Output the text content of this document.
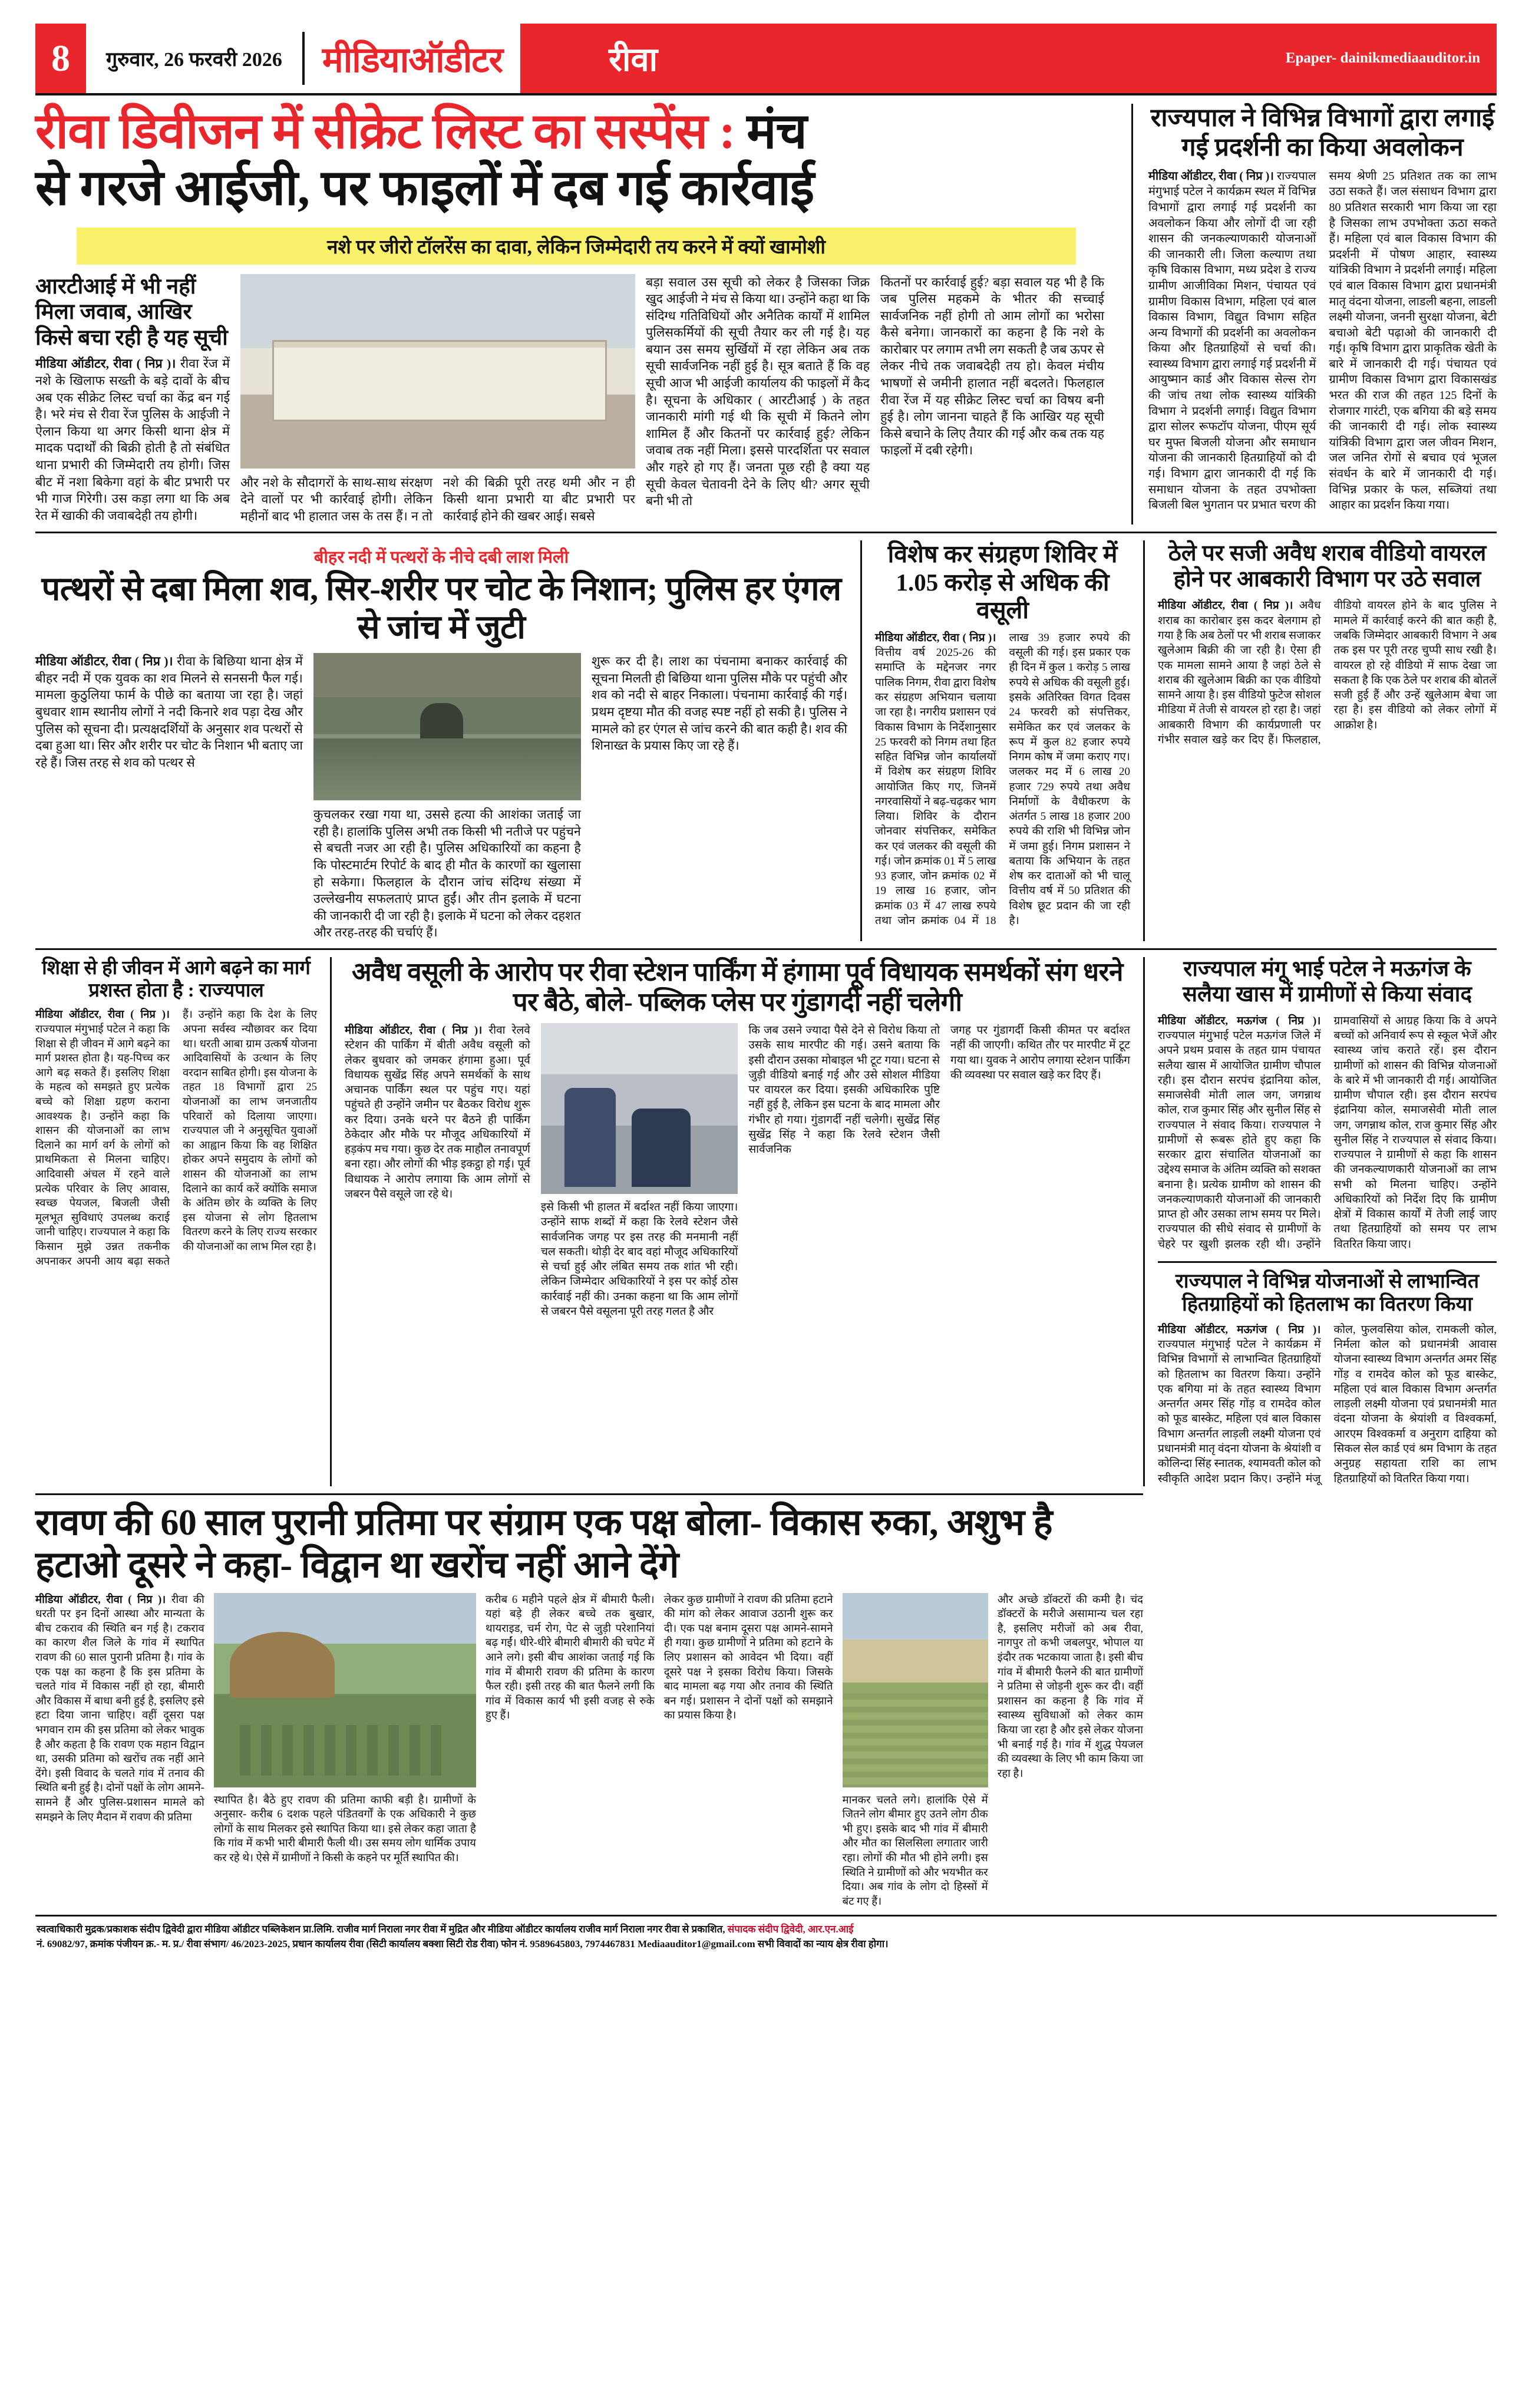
8	गुरुवार, 26 फरवरी 2026	मीडियाऑडीटर	रीवा	Epaper- dainikmediaauditor.in
रीवा डिवीजन में सीक्रेट लिस्ट का सस्पेंस : मंच
से गरजे आईजी, पर फाइलों में दब गई कार्रवाई
नशे पर जीरो टॉलरेंस का दावा, लेकिन जिम्मेदारी तय करने में क्यों खामोशी
आरटीआई में भी नहीं मिला जवाब, आखिर किसे बचा रही है यह सूची
मीडिया ऑडीटर, रीवा ( निप्र )। रीवा रेंज में नशे के खिलाफ सख्ती के बड़े दावों के बीच अब एक सीक्रेट लिस्ट चर्चा का केंद्र बन गई है। भरे मंच से रीवा रेंज पुलिस के आईजी ने ऐलान किया था अगर किसी थाना क्षेत्र में मादक पदार्थों की बिक्री होती है तो संबंधित थाना प्रभारी की जिम्मेदारी तय होगी। जिस बीट में नशा बिकेगा वहां के बीट प्रभारी पर भी गाज गिरेगी। उस कड़ा लगा था कि अब रेत में खाकी की जवाबदेही तय होगी।
और नशे के सौदागरों के साथ-साथ संरक्षण देने वालों पर भी कार्रवाई होगी। लेकिन महीनों बाद भी हालात जस के तस हैं। न तो नशे की बिक्री पूरी तरह थमी और न ही किसी थाना प्रभारी या बीट प्रभारी पर कार्रवाई होने की खबर आई। सबसे
बड़ा सवाल उस सूची को लेकर है जिसका जिक्र खुद आईजी ने मंच से किया था। उन्होंने कहा था कि संदिग्ध गतिविधियों और अनैतिक कार्यों में शामिल पुलिसकर्मियों की सूची तैयार कर ली गई है। यह बयान उस समय सुर्खियों में रहा लेकिन अब तक सूची सार्वजनिक नहीं हुई है। सूत्र बताते हैं कि वह सूची आज भी आईजी कार्यालय की फाइलों में कैद है। सूचना के अधिकार ( आरटीआई ) के तहत जानकारी मांगी गई थी कि सूची में कितने लोग शामिल हैं और कितनों पर कार्रवाई हुई? लेकिन जवाब तक नहीं मिला। इससे पारदर्शिता पर सवाल और गहरे हो गए हैं। जनता पूछ रही है क्या यह सूची केवल चेतावनी देने के लिए थी? अगर सूची बनी भी तो
कितनों पर कार्रवाई हुई? बड़ा सवाल यह भी है कि जब पुलिस महकमे के भीतर की सच्चाई सार्वजनिक नहीं होगी तो आम लोगों का भरोसा कैसे बनेगा। जानकारों का कहना है कि नशे के कारोबार पर लगाम तभी लग सकती है जब ऊपर से लेकर नीचे तक जवाबदेही तय हो। केवल मंचीय भाषणों से जमीनी हालात नहीं बदलते। फिलहाल रीवा रेंज में यह सीक्रेट लिस्ट चर्चा का विषय बनी हुई है। लोग जानना चाहते हैं कि आखिर यह सूची किसे बचाने के लिए तैयार की गई और कब तक यह फाइलों में दबी रहेगी।
राज्यपाल ने विभिन्न विभागों द्वारा लगाई गई प्रदर्शनी का किया अवलोकन
मीडिया ऑडीटर, रीवा ( निप्र )। राज्यपाल मंगुभाई पटेल ने कार्यक्रम स्थल में विभिन्न विभागों द्वारा लगाई गई प्रदर्शनी का अवलोकन किया और लोगों दी जा रही शासन की जनकल्याणकारी योजनाओं की जानकारी ली। जिला कल्याण तथा कृषि विकास विभाग, मध्य प्रदेश डे राज्य ग्रामीण आजीविका मिशन, पंचायत एवं ग्रामीण विकास विभाग, महिला एवं बाल विकास विभाग, विद्युत विभाग सहित अन्य विभागों की प्रदर्शनी का अवलोकन किया और हितग्राहियों से चर्चा की। स्वास्थ्य विभाग द्वारा लगाई गई प्रदर्शनी में आयुष्मान कार्ड और विकास सेल्स रोग की जांच तथा लोक स्वास्थ्य यांत्रिकी विभाग ने प्रदर्शनी लगाई। विद्युत विभाग द्वारा सोलर रूफटॉप योजना, पीएम सूर्य घर मुफ्त बिजली योजना और समाधान योजना की जानकारी हितग्राहियों को दी गई। विभाग द्वारा जानकारी दी गई कि समाधान योजना के तहत उपभोक्ता बिजली बिल भुगतान पर प्रभात चरण की समय श्रेणी 25 प्रतिशत तक का लाभ उठा सकते हैं। जल संसाधन विभाग द्वारा 80 प्रतिशत सरकारी भाग किया जा रहा है जिसका लाभ उपभोक्ता ऊठा सकते हैं। महिला एवं बाल विकास विभाग की प्रदर्शनी में पोषण आहार, स्वास्थ्य यांत्रिकी विभाग ने प्रदर्शनी लगाई। महिला एवं बाल विकास विभाग द्वारा प्रधानमंत्री मातृ वंदना योजना, लाडली बहना, लाडली लक्ष्मी योजना, जननी सुरक्षा योजना, बेटी बचाओ बेटी पढ़ाओ की जानकारी दी गई। कृषि विभाग द्वारा प्राकृतिक खेती के बारे में जानकारी दी गई। पंचायत एवं ग्रामीण विकास विभाग द्वारा विकासखंड भरत की राज की तहत 125 दिनों के रोजगार गारंटी, एक बगिया की बड़े समय की जानकारी दी गई। लोक स्वास्थ्य यांत्रिकी विभाग द्वारा जल जीवन मिशन, जल जनित रोगों से बचाव एवं भूजल संवर्धन के बारे में जानकारी दी गई। विभिन्न प्रकार के फल, सब्जियां तथा आहार का प्रदर्शन किया गया।
बीहर नदी में पत्थरों के नीचे दबी लाश मिली
पत्थरों से दबा मिला शव, सिर-शरीर पर चोट के निशान; पुलिस हर एंगल से जांच में जुटी
मीडिया ऑडीटर, रीवा ( निप्र )। रीवा के बिछिया थाना क्षेत्र में बीहर नदी में एक युवक का शव मिलने से सनसनी फैल गई। मामला कुठुलिया फार्म के पीछे का बताया जा रहा है। जहां बुधवार शाम स्थानीय लोगों ने नदी किनारे शव पड़ा देख और पुलिस को सूचना दी। प्रत्यक्षदर्शियों के अनुसार शव पत्थरों से दबा हुआ था। सिर और शरीर पर चोट के निशान भी बताए जा रहे हैं। जिस तरह से शव को पत्थर से
कुचलकर रखा गया था, उससे हत्या की आशंका जताई जा रही है। हालांकि पुलिस अभी तक किसी भी नतीजे पर पहुंचने से बचती नजर आ रही है। पुलिस अधिकारियों का कहना है कि पोस्टमार्टम रिपोर्ट के बाद ही मौत के कारणों का खुलासा हो सकेगा। फिलहाल के दौरान जांच संदिग्ध संख्या में उल्लेखनीय सफलताएं प्राप्त हुईं। और तीन इलाके में घटना की जानकारी दी जा रही है। इलाके में घटना को लेकर दहशत और तरह-तरह की चर्चाएं हैं।
शुरू कर दी है। लाश का पंचनामा बनाकर कार्रवाई की सूचना मिलती ही बिछिया थाना पुलिस मौके पर पहुंची और शव को नदी से बाहर निकाला। पंचनामा कार्रवाई की गई। प्रथम दृष्टया मौत की वजह स्पष्ट नहीं हो सकी है। पुलिस ने मामले को हर एंगल से जांच करने की बात कही है। शव की शिनाख्त के प्रयास किए जा रहे हैं।
विशेष कर संग्रहण शिविर में 1.05 करोड़ से अधिक की वसूली
मीडिया ऑडीटर, रीवा ( निप्र )। वित्तीय वर्ष 2025-26 की समाप्ति के मद्देनजर नगर पालिक निगम, रीवा द्वारा विशेष कर संग्रहण अभियान चलाया जा रहा है। नगरीय प्रशासन एवं विकास विभाग के निर्देशानुसार 25 फरवरी को निगम तथा हित सहित विभिन्न जोन कार्यालयों में विशेष कर संग्रहण शिविर आयोजित किए गए, जिनमें नगरवासियों ने बढ़-चढ़कर भाग लिया। शिविर के दौरान जोनवार संपत्तिकर, समेकित कर एवं जलकर की वसूली की गई। जोन क्रमांक 01 में 5 लाख 93 हजार, जोन क्रमांक 02 में 19 लाख 16 हजार, जोन क्रमांक 03 में 47 लाख रुपये तथा जोन क्रमांक 04 में 18 लाख 39 हजार रुपये की वसूली की गई। इस प्रकार एक ही दिन में कुल 1 करोड़ 5 लाख रुपये से अधिक की वसूली हुई। इसके अतिरिक्त विगत दिवस 24 फरवरी को संपत्तिकर, समेकित कर एवं जलकर के रूप में कुल 82 हजार रुपये निगम कोष में जमा कराए गए। जलकर मद में 6 लाख 20 हजार 729 रुपये तथा अवैध निर्माणों के वैधीकरण के अंतर्गत 5 लाख 18 हजार 200 रुपये की राशि भी विभिन्न जोन में जमा हुई। निगम प्रशासन ने बताया कि अभियान के तहत शेष कर दाताओं को भी चालू वित्तीय वर्ष में 50 प्रतिशत की विशेष छूट प्रदान की जा रही है।
ठेले पर सजी अवैध शराब वीडियो वायरल होने पर आबकारी विभाग पर उठे सवाल
मीडिया ऑडीटर, रीवा ( निप्र )। अवैध शराब का कारोबार इस कदर बेलगाम हो गया है कि अब ठेलों पर भी शराब सजाकर खुलेआम बिक्री की जा रही है। ऐसा ही एक मामला सामने आया है जहां ठेले से शराब की खुलेआम बिक्री का एक वीडियो सामने आया है। इस वीडियो फुटेज सोशल मीडिया में तेजी से वायरल हो रहा है। जहां आबकारी विभाग की कार्यप्रणाली पर गंभीर सवाल खड़े कर दिए हैं। फिलहाल, वीडियो वायरल होने के बाद पुलिस ने मामले में कार्रवाई करने की बात कही है, जबकि जिम्मेदार आबकारी विभाग ने अब तक इस पर पूरी तरह चुप्पी साध रखी है। वायरल हो रहे वीडियो में साफ देखा जा सकता है कि एक ठेले पर शराब की बोतलें सजी हुई हैं और उन्हें खुलेआम बेचा जा रहा है। इस वीडियो को लेकर लोगों में आक्रोश है।
शिक्षा से ही जीवन में आगे बढ़ने का मार्ग प्रशस्त होता है : राज्यपाल
मीडिया ऑडीटर, रीवा ( निप्र )। राज्यपाल मंगुभाई पटेल ने कहा कि शिक्षा से ही जीवन में आगे बढ़ने का मार्ग प्रशस्त होता है। यह-पिच्च कर आगे बढ़ सकते हैं। इसलिए शिक्षा के महत्व को समझते हुए प्रत्येक बच्चे को शिक्षा ग्रहण कराना आवश्यक है। उन्होंने कहा कि शासन की योजनाओं का लाभ दिलाने का मार्ग वर्ग के लोगों को प्राथमिकता से मिलना चाहिए। आदिवासी अंचल में रहने वाले प्रत्येक परिवार के लिए आवास, स्वच्छ पेयजल, बिजली जैसी मूलभूत सुविधाएं उपलब्ध कराई जानी चाहिए। राज्यपाल ने कहा कि किसान मुझे उन्नत तकनीक अपनाकर अपनी आय बढ़ा सकते हैं। उन्होंने कहा कि देश के लिए अपना सर्वस्व न्यौछावर कर दिया था। धरती आबा ग्राम उत्कर्ष योजना आदिवासियों के उत्थान के लिए वरदान साबित होगी। इस योजना के तहत 18 विभागों द्वारा 25 योजनाओं का लाभ जनजातीय परिवारों को दिलाया जाएगा। राज्यपाल जी ने अनुसूचित युवाओं का आह्वान किया कि वह शिक्षित होकर अपने समुदाय के लोगों को शासन की योजनाओं का लाभ दिलाने का कार्य करें क्योंकि समाज के अंतिम छोर के व्यक्ति के लिए इस योजना से लोग हितलाभ वितरण करने के लिए राज्य सरकार की योजनाओं का लाभ मिल रहा है।
अवैध वसूली के आरोप पर रीवा स्टेशन पार्किंग में हंगामा पूर्व विधायक समर्थकों संग धरने पर बैठे, बोले- पब्लिक प्लेस पर गुंडागर्दी नहीं चलेगी
मीडिया ऑडीटर, रीवा ( निप्र )। रीवा रेलवे स्टेशन की पार्किंग में बीती अवैध वसूली को लेकर बुधवार को जमकर हंगामा हुआ। पूर्व विधायक सुखेंद्र सिंह अपने समर्थकों के साथ अचानक पार्किंग स्थल पर पहुंच गए। यहां पहुंचते ही उन्होंने जमीन पर बैठकर विरोध शुरू कर दिया। उनके धरने पर बैठने ही पार्किंग ठेकेदार और मौके पर मौजूद अधिकारियों में हड़कंप मच गया। कुछ देर तक माहौल तनावपूर्ण बना रहा। और लोगों की भीड़ इकट्ठा हो गई। पूर्व विधायक ने आरोप लगाया कि आम लोगों से जबरन पैसे वसूले जा रहे थे।
इसे किसी भी हालत में बर्दाश्त नहीं किया जाएगा। उन्होंने साफ शब्दों में कहा कि रेलवे स्टेशन जैसे सार्वजनिक जगह पर इस तरह की मनमानी नहीं चल सकती। थोड़ी देर बाद वहां मौजूद अधिकारियों से चर्चा हुई और लंबित समय तक शांत भी रही। लेकिन जिम्मेदार अधिकारियों ने इस पर कोई ठोस कार्रवाई नहीं की। उनका कहना था कि आम लोगों से जबरन पैसे वसूलना पूरी तरह गलत है और
कि जब उसने ज्यादा पैसे देने से विरोध किया तो उसके साथ मारपीट की गई। उसने बताया कि इसी दौरान उसका मोबाइल भी टूट गया। घटना से जुड़ी वीडियो बनाई गई और उसे सोशल मीडिया पर वायरल कर दिया। इसकी अधिकारिक पुष्टि नहीं हुई है, लेकिन इस घटना के बाद मामला और गंभीर हो गया। गुंडागर्दी नहीं चलेगी। सुखेंद्र सिंह सुखेंद्र सिंह ने कहा कि रेलवे स्टेशन जैसी सार्वजनिक
जगह पर गुंडागर्दी किसी कीमत पर बर्दाश्त नहीं की जाएगी। कथित तौर पर मारपीट में टूट गया था। युवक ने आरोप लगाया स्टेशन पार्किंग की व्यवस्था पर सवाल खड़े कर दिए हैं।
राज्यपाल मंगू भाई पटेल ने मऊगंज के सलैया खास में ग्रामीणों से किया संवाद
मीडिया ऑडीटर, मऊगंज ( निप्र )। राज्यपाल मंगुभाई पटेल मऊगंज जिले में अपने प्रथम प्रवास के तहत ग्राम पंचायत सलैया खास में आयोजित ग्रामीण चौपाल रही। इस दौरान सरपंच इंद्रानिया कोल, समाजसेवी मोती लाल जग, जगन्नाथ कोल, राज कुमार सिंह और सुनील सिंह से राज्यपाल ने संवाद किया। राज्यपाल ने ग्रामीणों से रूबरू होते हुए कहा कि सरकार द्वारा संचालित योजनाओं का उद्देश्य समाज के अंतिम व्यक्ति को सशक्त बनाना है। प्रत्येक ग्रामीण को शासन की जनकल्याणकारी योजनाओं की जानकारी प्राप्त हो और उसका लाभ समय पर मिले। राज्यपाल की सीधे संवाद से ग्रामीणों के चेहरे पर खुशी झलक रही थी। उन्होंने ग्रामवासियों से आग्रह किया कि वे अपने बच्चों को अनिवार्य रूप से स्कूल भेजें और स्वास्थ्य जांच कराते रहें। इस दौरान ग्रामीणों को शासन की विभिन्न योजनाओं के बारे में भी जानकारी दी गई। आयोजित ग्रामीण चौपाल रही। इस दौरान सरपंच इंद्रानिया कोल, समाजसेवी मोती लाल जग, जगन्नाथ कोल, राज कुमार सिंह और सुनील सिंह ने राज्यपाल से संवाद किया। राज्यपाल ने ग्रामीणों से कहा कि शासन की जनकल्याणकारी योजनाओं का लाभ सभी को मिलना चाहिए। उन्होंने अधिकारियों को निर्देश दिए कि ग्रामीण क्षेत्रों में विकास कार्यों में तेजी लाई जाए तथा हितग्राहियों को समय पर लाभ वितरित किया जाए।
राज्यपाल ने विभिन्न योजनाओं से लाभान्वित हितग्राहियों को हितलाभ का वितरण किया
मीडिया ऑडीटर, मऊगंज ( निप्र )। राज्यपाल मंगुभाई पटेल ने कार्यक्रम में विभिन्न विभागों से लाभान्वित हितग्राहियों को हितलाभ का वितरण किया। उन्होंने एक बगिया मां के तहत स्वास्थ्य विभाग अन्तर्गत अमर सिंह गोंड़ व रामदेव कोल को फूड बास्केट, महिला एवं बाल विकास विभाग अन्तर्गत लाड़ली लक्ष्मी योजना एवं प्रधानमंत्री मातृ वंदना योजना के श्रेयांशी व कोलिन्दा सिंह स्नातक, श्यामवती कोल को स्वीकृति आदेश प्रदान किए। उन्होंने मंजू कोल, फुलवसिया कोल, रामकली कोल, निर्मला कोल को प्रधानमंत्री आवास योजना स्वास्थ्य विभाग अन्तर्गत अमर सिंह गोंड़ व रामदेव कोल को फूड बास्केट, महिला एवं बाल विकास विभाग अन्तर्गत लाड़ली लक्ष्मी योजना एवं प्रधानमंत्री मात वंदना योजना के श्रेयांशी व विश्वकर्मा, आरएम विश्वकर्मा व अनुराग दाहिया को सिकल सेल कार्ड एवं श्रम विभाग के तहत अनुग्रह सहायता राशि का लाभ हितग्राहियों को वितरित किया गया।
रावण की 60 साल पुरानी प्रतिमा पर संग्राम एक पक्ष बोला- विकास रुका, अशुभ है हटाओ दूसरे ने कहा- विद्वान था खरोंच नहीं आने देंगे
मीडिया ऑडीटर, रीवा ( निप्र )। रीवा की धरती पर इन दिनों आस्था और मान्यता के बीच टकराव की स्थिति बन गई है। टकराव का कारण शैल जिले के गांव में स्थापित रावण की 60 साल पुरानी प्रतिमा है। गांव के एक पक्ष का कहना है कि इस प्रतिमा के चलते गांव में विकास नहीं हो रहा, बीमारी और विकास में बाधा बनी हुई है, इसलिए इसे हटा दिया जाना चाहिए। वहीं दूसरा पक्ष भगवान राम की इस प्रतिमा को लेकर भावुक है और कहता है कि रावण एक महान विद्वान था, उसकी प्रतिमा को खरोंच तक नहीं आने देंगे। इसी विवाद के चलते गांव में तनाव की स्थिति बनी हुई है। दोनों पक्षों के लोग आमने-सामने हैं और पुलिस-प्रशासन मामले को समझने के लिए मैदान में रावण की प्रतिमा
स्थापित है। बैठे हुए रावण की प्रतिमा काफी बड़ी है। ग्रामीणों के अनुसार- करीब 6 दशक पहले पंडितवर्गों के एक अधिकारी ने कुछ लोगों के साथ मिलकर इसे स्थापित किया था। इसे लेकर कहा जाता है कि गांव में कभी भारी बीमारी फैली थी। उस समय लोग धार्मिक उपाय कर रहे थे। ऐसे में ग्रामीणों ने किसी के कहने पर मूर्ति स्थापित की।
करीब 6 महीने पहले क्षेत्र में बीमारी फैली। यहां बड़े ही लेकर बच्चे तक बुखार, थायराइड, चर्म रोग, पेट से जुड़ी परेशानियां बढ़ गईं। धीरे-धीरे बीमारी बीमारी की चपेट में आने लगे। इसी बीच आशंका जताई गई कि गांव में बीमारी रावण की प्रतिमा के कारण फैल रही। इसी तरह की बात फैलने लगी कि गांव में विकास कार्य भी इसी वजह से रुके हुए हैं।
लेकर कुछ ग्रामीणों ने रावण की प्रतिमा हटाने की मांग को लेकर आवाज उठानी शुरू कर दी। एक पक्ष बनाम दूसरा पक्ष आमने-सामने ही गया। कुछ ग्रामीणों ने प्रतिमा को हटाने के लिए प्रशासन को आवेदन भी दिया। वहीं दूसरे पक्ष ने इसका विरोध किया। जिसके बाद मामला बढ़ गया और तनाव की स्थिति बन गई। प्रशासन ने दोनों पक्षों को समझाने का प्रयास किया है।
मानकर चलते लगे। हालांकि ऐसे में जितने लोग बीमार हुए उतने लोग ठीक भी हुए। इसके बाद भी गांव में बीमारी और मौत का सिलसिला लगातार जारी रहा। लोगों की मौत भी होने लगी। इस स्थिति ने ग्रामीणों को और भयभीत कर दिया। अब गांव के लोग दो हिस्सों में बंट गए हैं।
और अच्छे डॉक्टरों की कमी है। चंद डॉक्टरों के मरीजे असामान्य चल रहा है, इसलिए मरीजों को अब रीवा, नागपुर तो कभी जबलपुर, भोपाल या इंदौर तक भटकाया जाता है। इसी बीच गांव में बीमारी फैलने की बात ग्रामीणों ने प्रतिमा से जोड़नी शुरू कर दी। वहीं प्रशासन का कहना है कि गांव में स्वास्थ्य सुविधाओं को लेकर काम किया जा रहा है और इसे लेकर योजना भी बनाई गई है। गांव में शुद्ध पेयजल की व्यवस्था के लिए भी काम किया जा रहा है।
स्वत्वाधिकारी मुद्रक/प्रकाशक संदीप द्विवेदी द्वारा मीडिया ऑडीटर पब्लिकेशन प्रा.लिमि. राजीव मार्ग निराला नगर रीवा में मुद्रित और मीडिया ऑडीटर कार्यालय राजीव मार्ग निराला नगर रीवा से प्रकाशित, संपादक संदीप द्विवेदी, आर.एन.आई
नं. 69082/97, क्रमांक पंजीयन क्र.- म. प्र./ रीवा संभाग/ 46/2023-2025, प्रधान कार्यालय रीवा (सिटी कार्यालय बक्शा सिटी रोड रीवा) फोन नं. 9589645803, 7974467831 Mediaauditor1@gmail.com सभी विवादों का न्याय क्षेत्र रीवा होगा।
